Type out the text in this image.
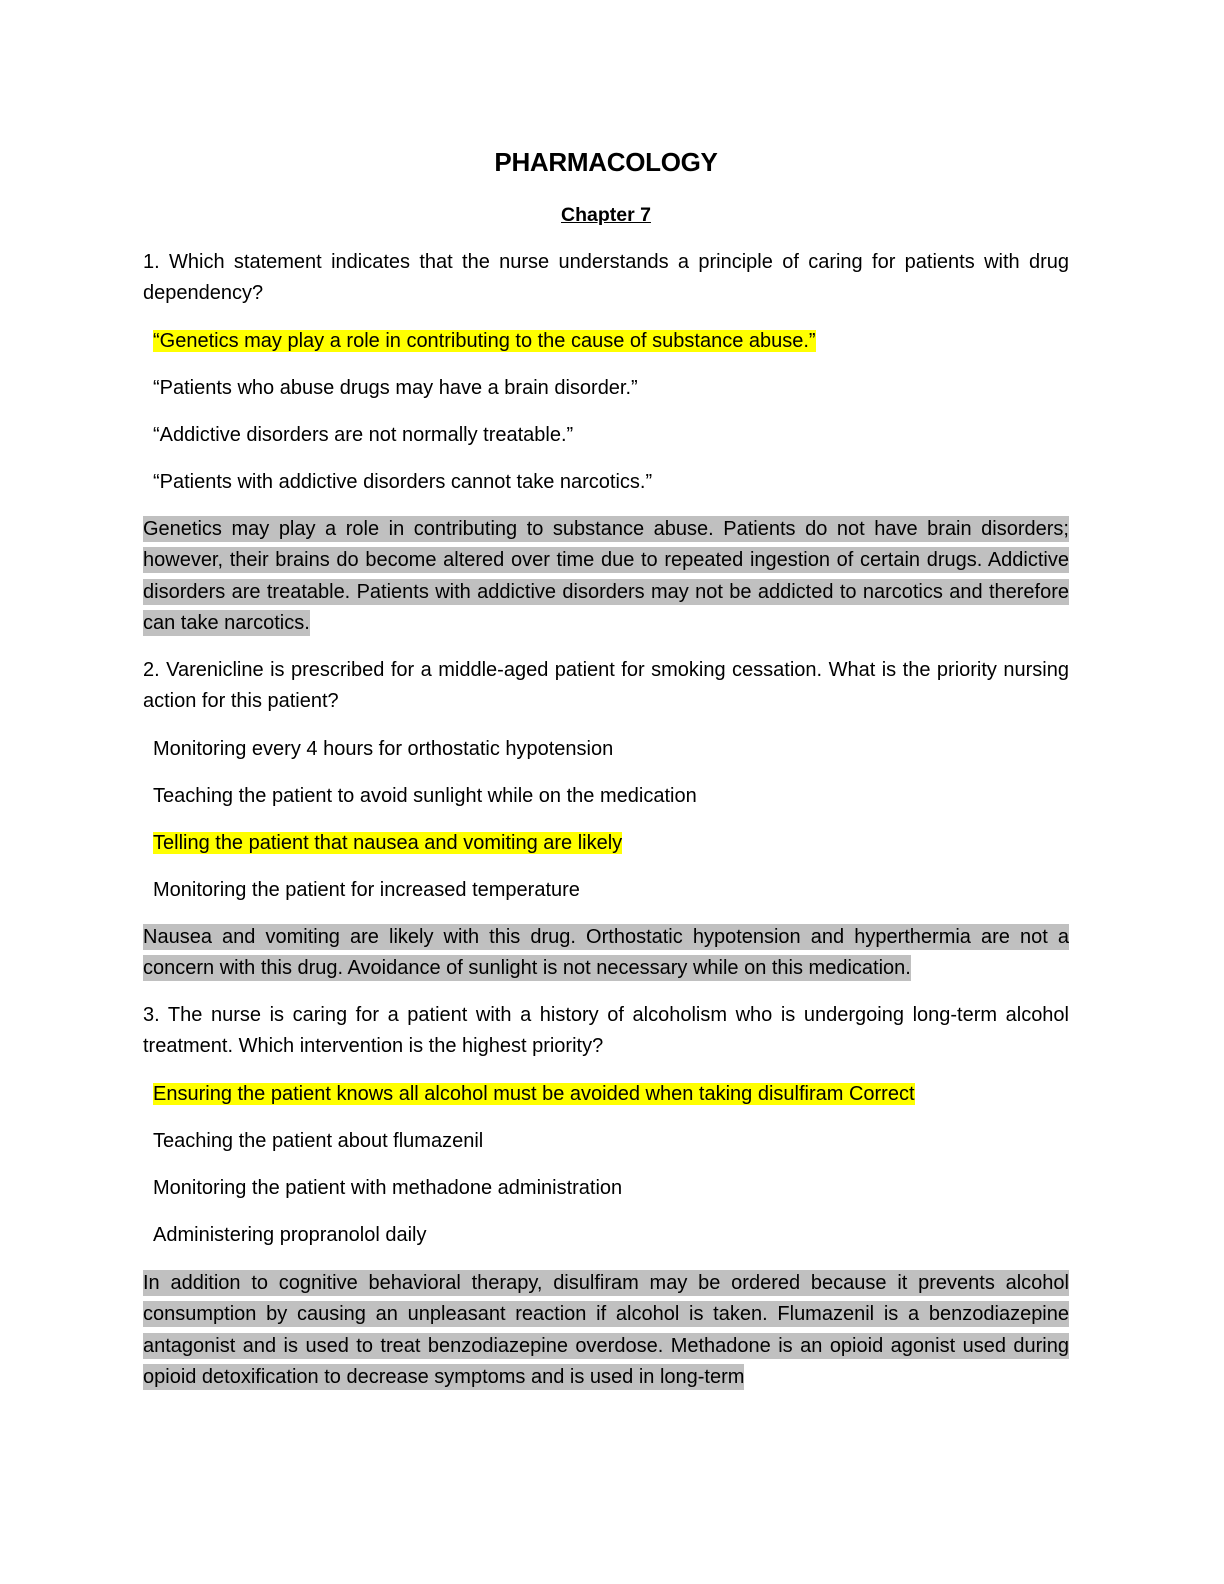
PHARMACOLOGY
Chapter 7
1. Which statement indicates that the nurse understands a principle of caring for patients with drug dependency?
“Genetics may play a role in contributing to the cause of substance abuse.”
“Patients who abuse drugs may have a brain disorder.”
“Addictive disorders are not normally treatable.”
“Patients with addictive disorders cannot take narcotics.”
Genetics may play a role in contributing to substance abuse. Patients do not have brain disorders; however, their brains do become altered over time due to repeated ingestion of certain drugs. Addictive disorders are treatable. Patients with addictive disorders may not be addicted to narcotics and therefore can take narcotics.
2. Varenicline is prescribed for a middle-aged patient for smoking cessation. What is the priority nursing action for this patient?
Monitoring every 4 hours for orthostatic hypotension
Teaching the patient to avoid sunlight while on the medication
Telling the patient that nausea and vomiting are likely
Monitoring the patient for increased temperature
Nausea and vomiting are likely with this drug. Orthostatic hypotension and hyperthermia are not a concern with this drug. Avoidance of sunlight is not necessary while on this medication.
3. The nurse is caring for a patient with a history of alcoholism who is undergoing long-term alcohol treatment. Which intervention is the highest priority?
Ensuring the patient knows all alcohol must be avoided when taking disulfiram Correct
Teaching the patient about flumazenil
Monitoring the patient with methadone administration
Administering propranolol daily
In addition to cognitive behavioral therapy, disulfiram may be ordered because it prevents alcohol consumption by causing an unpleasant reaction if alcohol is taken. Flumazenil is a benzodiazepine antagonist and is used to treat benzodiazepine overdose. Methadone is an opioid agonist used during opioid detoxification to decrease symptoms and is used in long-term
